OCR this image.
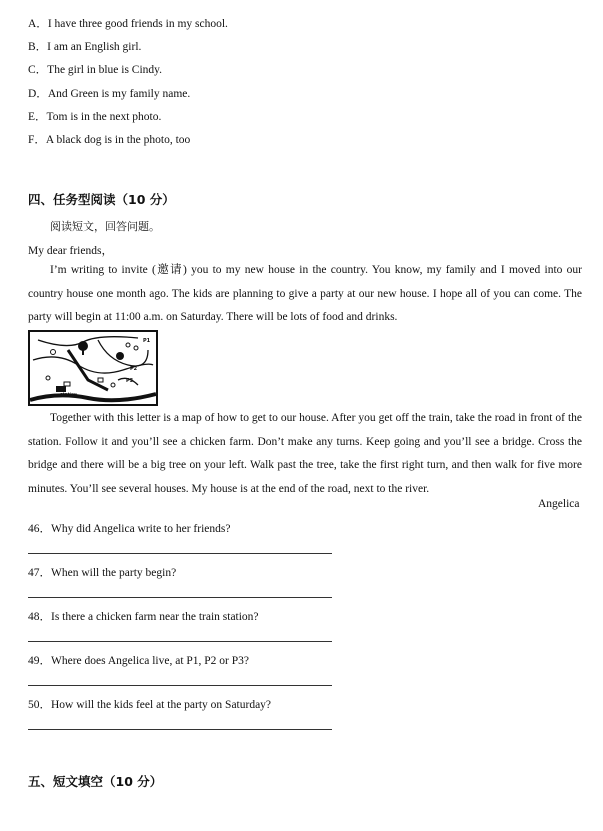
A．I have three good friends in my school.
B．I am an English girl.
C．The girl in blue is Cindy.
D．And Green is my family name.
E．Tom is in the next photo.
F．A black dog is in the photo, too
四、任务型阅读（10 分）
阅读短文，回答问题。
My dear friends，
I’m writing to invite (邀请) you to my new house in the country. You know, my family and I moved into our country house one month ago. The kids are planning to give a party at our new house. I hope all of you can come. The party will begin at 11:00 a.m. on Saturday. There will be lots of food and drinks.
station
P1
P2
P3
Together with this letter is a map of how to get to our house. After you get off the train, take the road in front of the station. Follow it and you’ll see a chicken farm. Don’t make any turns. Keep going and you’ll see a bridge. Cross the bridge and there will be a big tree on your left. Walk past the tree, take the first right turn, and then walk for five more minutes. You’ll see several houses. My house is at the end of the road, next to the river.
Angelica
46．Why did Angelica write to her friends?
47．When will the party begin?
48．Is there a chicken farm near the train station?
49．Where does Angelica live, at P1, P2 or P3?
50．How will the kids feel at the party on Saturday?
五、短文填空（10 分）
